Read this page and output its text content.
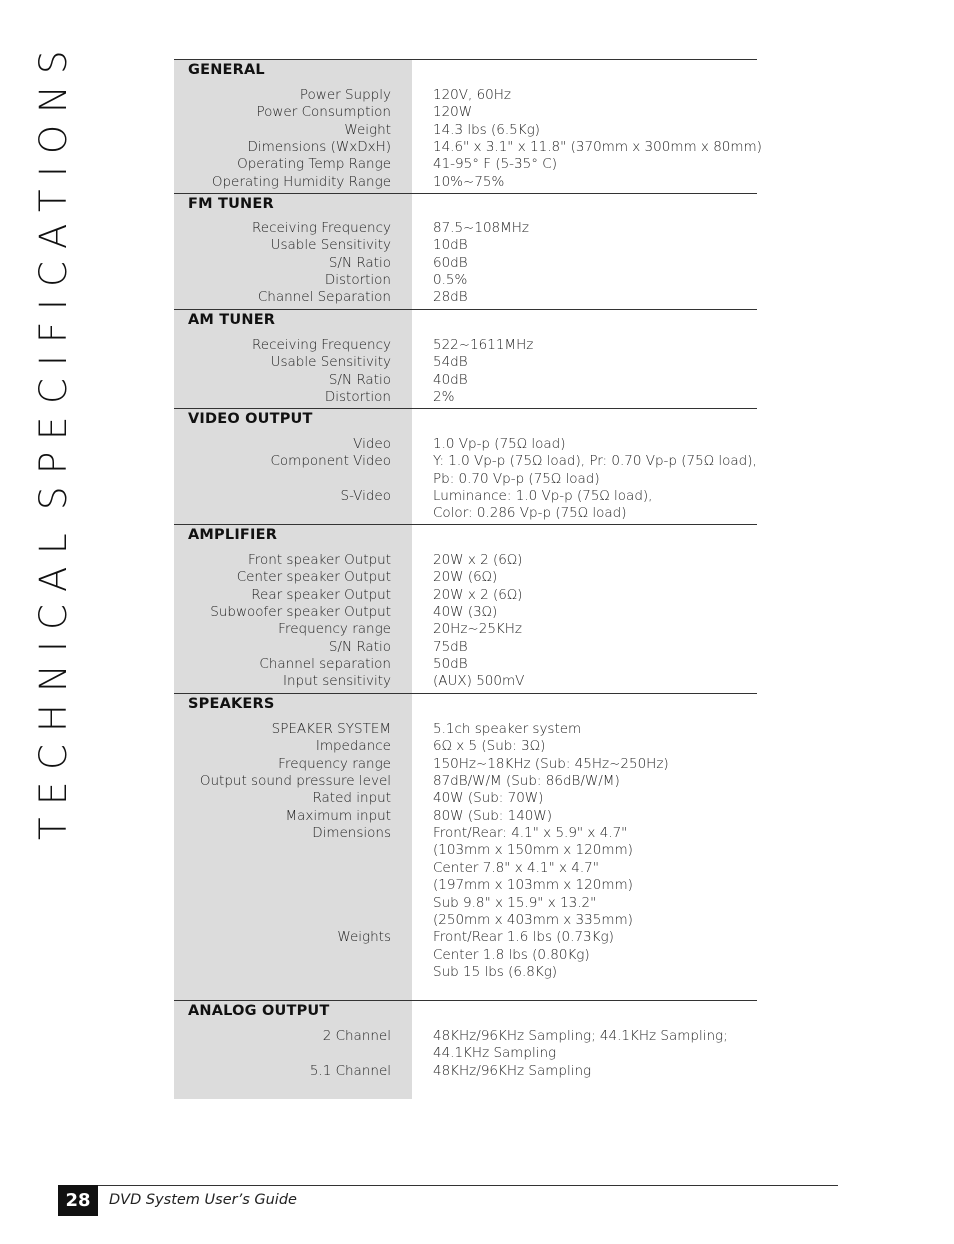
T
E
C
H
N
I
C
A
L
S
P
E
C
I
F
I
C
A
T
I
O
N
S	GENERAL
Power Supply	120V, 60Hz
Power Consumption	120W
Weight	14.3 lbs (6.5Kg)
Dimensions (WxDxH)	14.6" x 3.1" x 11.8" (370mm x 300mm x 80mm)
Operating Temp Range	41-95° F (5-35° C)
Operating Humidity Range	10%~75%
FM TUNER
Receiving Frequency	87.5~108MHz
Usable Sensitivity	10dB
S/N Ratio	60dB
Distortion	0.5%
Channel Separation	28dB
AM TUNER
Receiving Frequency	522~1611MHz
Usable Sensitivity	54dB
S/N Ratio	40dB
Distortion	2%
VIDEO OUTPUT
Video	1.0 Vp-p (75Ω load)
Component Video	Y: 1.0 Vp-p (75Ω load), Pr: 0.70 Vp-p (75Ω load),
Pb: 0.70 Vp-p (75Ω load)
S-Video	Luminance: 1.0 Vp-p (75Ω load),
Color: 0.286 Vp-p (75Ω load)
AMPLIFIER
Front speaker Output	20W x 2 (6Ω)
Center speaker Output	20W (6Ω)
Rear speaker Output	20W x 2 (6Ω)
Subwoofer speaker Output	40W (3Ω)
Frequency range	20Hz~25KHz
S/N Ratio	75dB
Channel separation	50dB
Input sensitivity	(AUX) 500mV
SPEAKERS
SPEAKER SYSTEM	5.1ch speaker system
Impedance	6Ω x 5 (Sub: 3Ω)
Frequency range	150Hz~18KHz (Sub: 45Hz~250Hz)
Output sound pressure level	87dB/W/M (Sub: 86dB/W/M)
Rated input	40W (Sub: 70W)
Maximum input	80W (Sub: 140W)
Dimensions	Front/Rear: 4.1" x 5.9" x 4.7"
(103mm x 150mm x 120mm)
Center 7.8" x 4.1" x 4.7"
(197mm x 103mm x 120mm)
Sub 9.8" x 15.9" x 13.2"
(250mm x 403mm x 335mm)
Weights	Front/Rear 1.6 lbs (0.73Kg)
Center 1.8 lbs (0.80Kg)
Sub 15 lbs (6.8Kg)
ANALOG OUTPUT
2 Channel	48KHz/96KHz Sampling; 44.1KHz Sampling;
44.1KHz Sampling
5.1 Channel	48KHz/96KHz Sampling
28	DVD System User’s Guide
